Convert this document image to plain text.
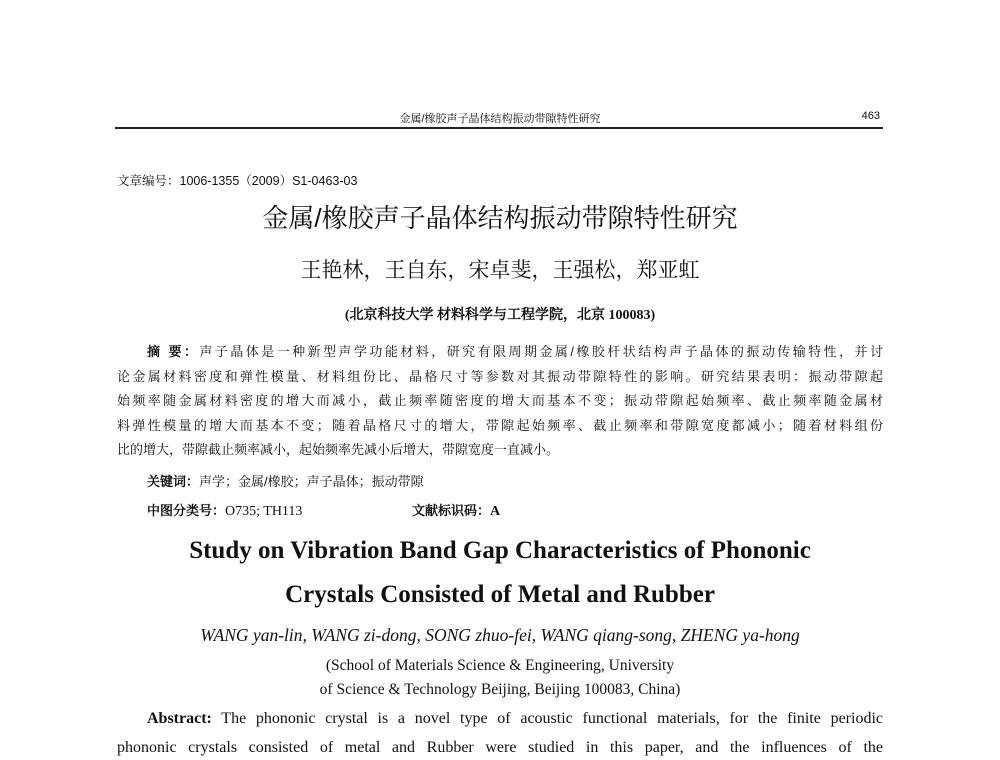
金属/橡胶声子晶体结构振动带隙特性研究	463
文章编号：1006-1355（2009）S1-0463-03
金属/橡胶声子晶体结构振动带隙特性研究
王艳林，王自东，宋卓斐，王强松，郑亚虹
(北京科技大学 材料科学与工程学院，北京 100083)
摘 要：声子晶体是一种新型声学功能材料，研究有限周期金属/橡胶杆状结构声子晶体的振动传输特性，并讨
论金属材料密度和弹性模量、材料组份比、晶格尺寸等参数对其振动带隙特性的影响。研究结果表明：振动带隙起
始频率随金属材料密度的增大而减小，截止频率随密度的增大而基本不变；振动带隙起始频率、截止频率随金属材
料弹性模量的增大而基本不变；随着晶格尺寸的增大，带隙起始频率、截止频率和带隙宽度都减小；随着材料组份
比的增大，带隙截止频率减小，起始频率先减小后增大，带隙宽度一直减小。
关键词：声学；金属/橡胶；声子晶体；振动带隙
中图分类号：O735; TH113	文献标识码：A
Study on Vibration Band Gap Characteristics of Phononic
Crystals Consisted of Metal and Rubber
WANG yan-lin, WANG zi-dong, SONG zhuo-fei, WANG qiang-song, ZHENG ya-hong
(School of Materials Science & Engineering, University
of Science & Technology Beijing, Beijing 100083, China)
Abstract: The phononic crystal is a novel type of acoustic functional materials, for the finite periodic
phononic crystals consisted of metal and Rubber were studied in this paper, and the influences of the
